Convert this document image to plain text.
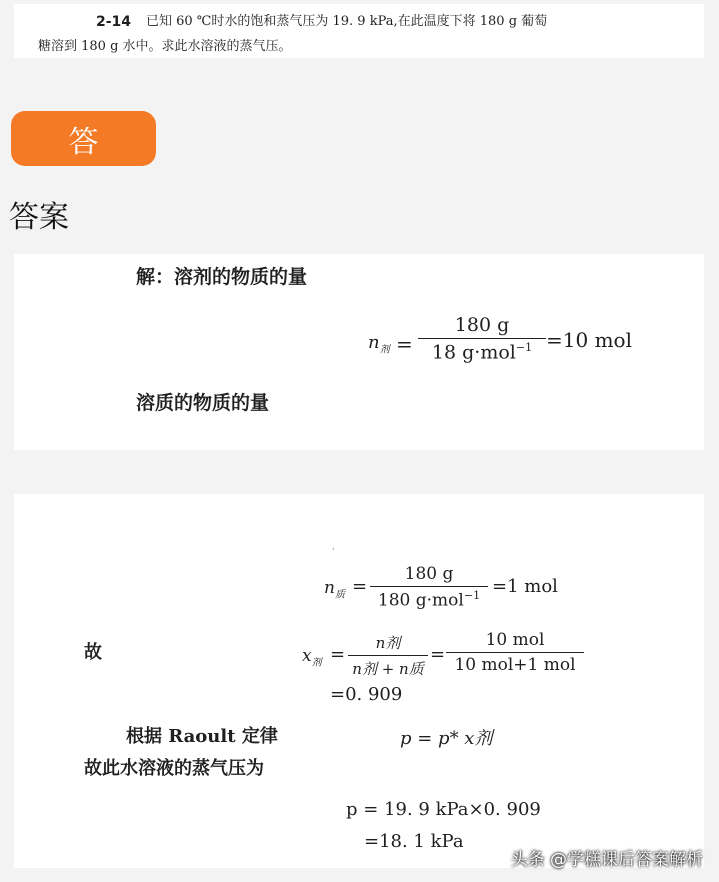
2-14 已知 60 ℃时水的饱和蒸气压为 19. 9 kPa,在此温度下将 180 g 葡萄
糖溶到 180 g 水中。求此水溶液的蒸气压。
答
答案
解：溶剂的物质的量
$n_剂$ =
180 g
18 g·mol$^{-1}$ =10 mol
溶质的物质的量
·
$n_质$ =
180 g
180 g·mol$^{-1}$ =1 mol
故	$x_剂$ =
n剂
n剂 + n质
=
10 mol
10 mol+1 mol
=0. 909
根据 Raoult 定律	p = p* x剂
故此水溶液的蒸气压为
p = 19. 9 kPa×0. 909
=18. 1 kPa
头条 @学糕课后答案解析
